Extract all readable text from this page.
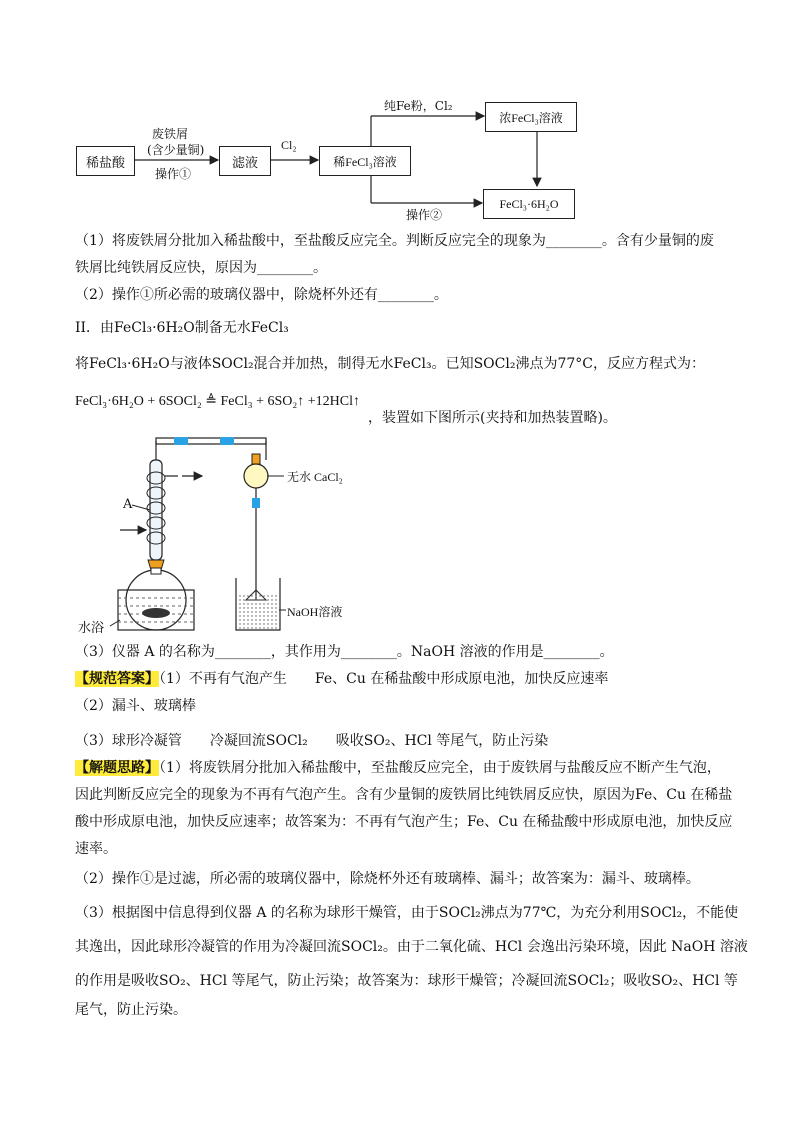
稀盐酸	滤液	稀FeCl₃溶液
浓FeCl₃溶液
FeCl₃·6H₂O
废铁屑
(含少量铜)
操作①
Cl₂
纯Fe粉，Cl₂
操作②
（1）将废铁屑分批加入稀盐酸中，至盐酸反应完全。判断反应完全的现象为________。含有少量铜的废
铁屑比纯铁屑反应快，原因为________。
（2）操作①所必需的玻璃仪器中，除烧杯外还有________。
II．由FeCl₃·6H₂O制备无水FeCl₃
将FeCl₃·6H₂O与液体SOCl₂混合并加热，制得无水FeCl₃。已知SOCl₂沸点为77°C，反应方程式为：
FeCl₃·6H₂O + 6SOCl₂ ≜ FeCl₃ + 6SO₂↑ +12HCl↑
，装置如下图所示(夹持和加热装置略)。
A
无水 CaCl₂
NaOH溶液
水浴
（3）仪器 A 的名称为________，其作用为________。NaOH 溶液的作用是________。
【规范答案】（1）不再有气泡产生　　Fe、Cu 在稀盐酸中形成原电池，加快反应速率
（2）漏斗、玻璃棒
（3）球形冷凝管　　冷凝回流SOCl₂　　吸收SO₂、HCl 等尾气，防止污染
【解题思路】（1）将废铁屑分批加入稀盐酸中，至盐酸反应完全，由于废铁屑与盐酸反应不断产生气泡，
因此判断反应完全的现象为不再有气泡产生。含有少量铜的废铁屑比纯铁屑反应快，原因为Fe、Cu 在稀盐
酸中形成原电池，加快反应速率；故答案为：不再有气泡产生；Fe、Cu 在稀盐酸中形成原电池，加快反应
速率。
（2）操作①是过滤，所必需的玻璃仪器中，除烧杯外还有玻璃棒、漏斗；故答案为：漏斗、玻璃棒。
（3）根据图中信息得到仪器 A 的名称为球形干燥管，由于SOCl₂沸点为77℃，为充分利用SOCl₂，不能使
其逸出，因此球形冷凝管的作用为冷凝回流SOCl₂。由于二氧化硫、HCl 会逸出污染环境，因此 NaOH 溶液
的作用是吸收SO₂、HCl 等尾气，防止污染；故答案为：球形干燥管；冷凝回流SOCl₂；吸收SO₂、HCl 等
尾气，防止污染。
